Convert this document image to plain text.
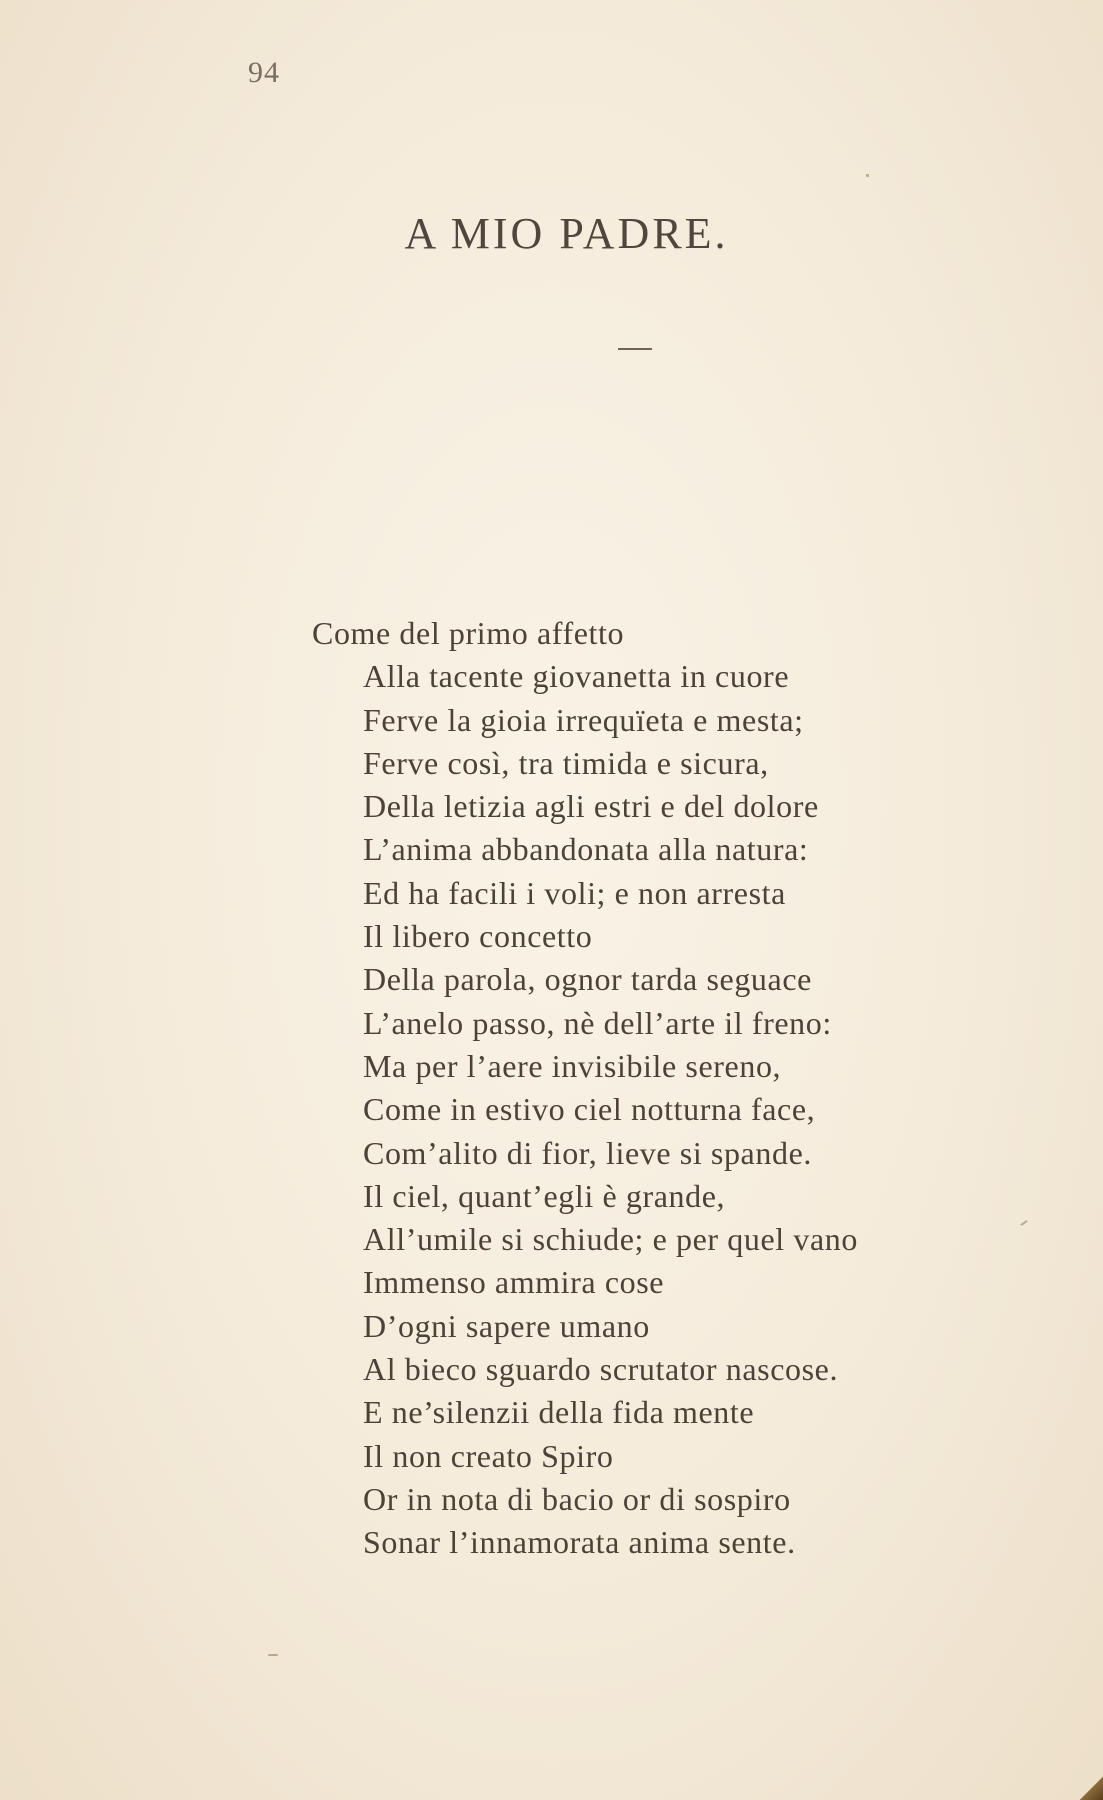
94
A MIO PADRE.
Come del primo affetto
Alla tacente giovanetta in cuore
Ferve la gioia irrequïeta e mesta;
Ferve così, tra timida e sicura,
Della letizia agli estri e del dolore
L’anima abbandonata alla natura:
Ed ha facili i voli; e non arresta
Il libero concetto
Della parola, ognor tarda seguace
L’anelo passo, nè dell’arte il freno:
Ma per l’aere invisibile sereno,
Come in estivo ciel notturna face,
Com’alito di fior, lieve si spande.
Il ciel, quant’egli è grande,
All’umile si schiude; e per quel vano
Immenso ammira cose
D’ogni sapere umano
Al bieco sguardo scrutator nascose.
E ne’silenzii della fida mente
Il non creato Spiro
Or in nota di bacio or di sospiro
Sonar l’innamorata anima sente.
